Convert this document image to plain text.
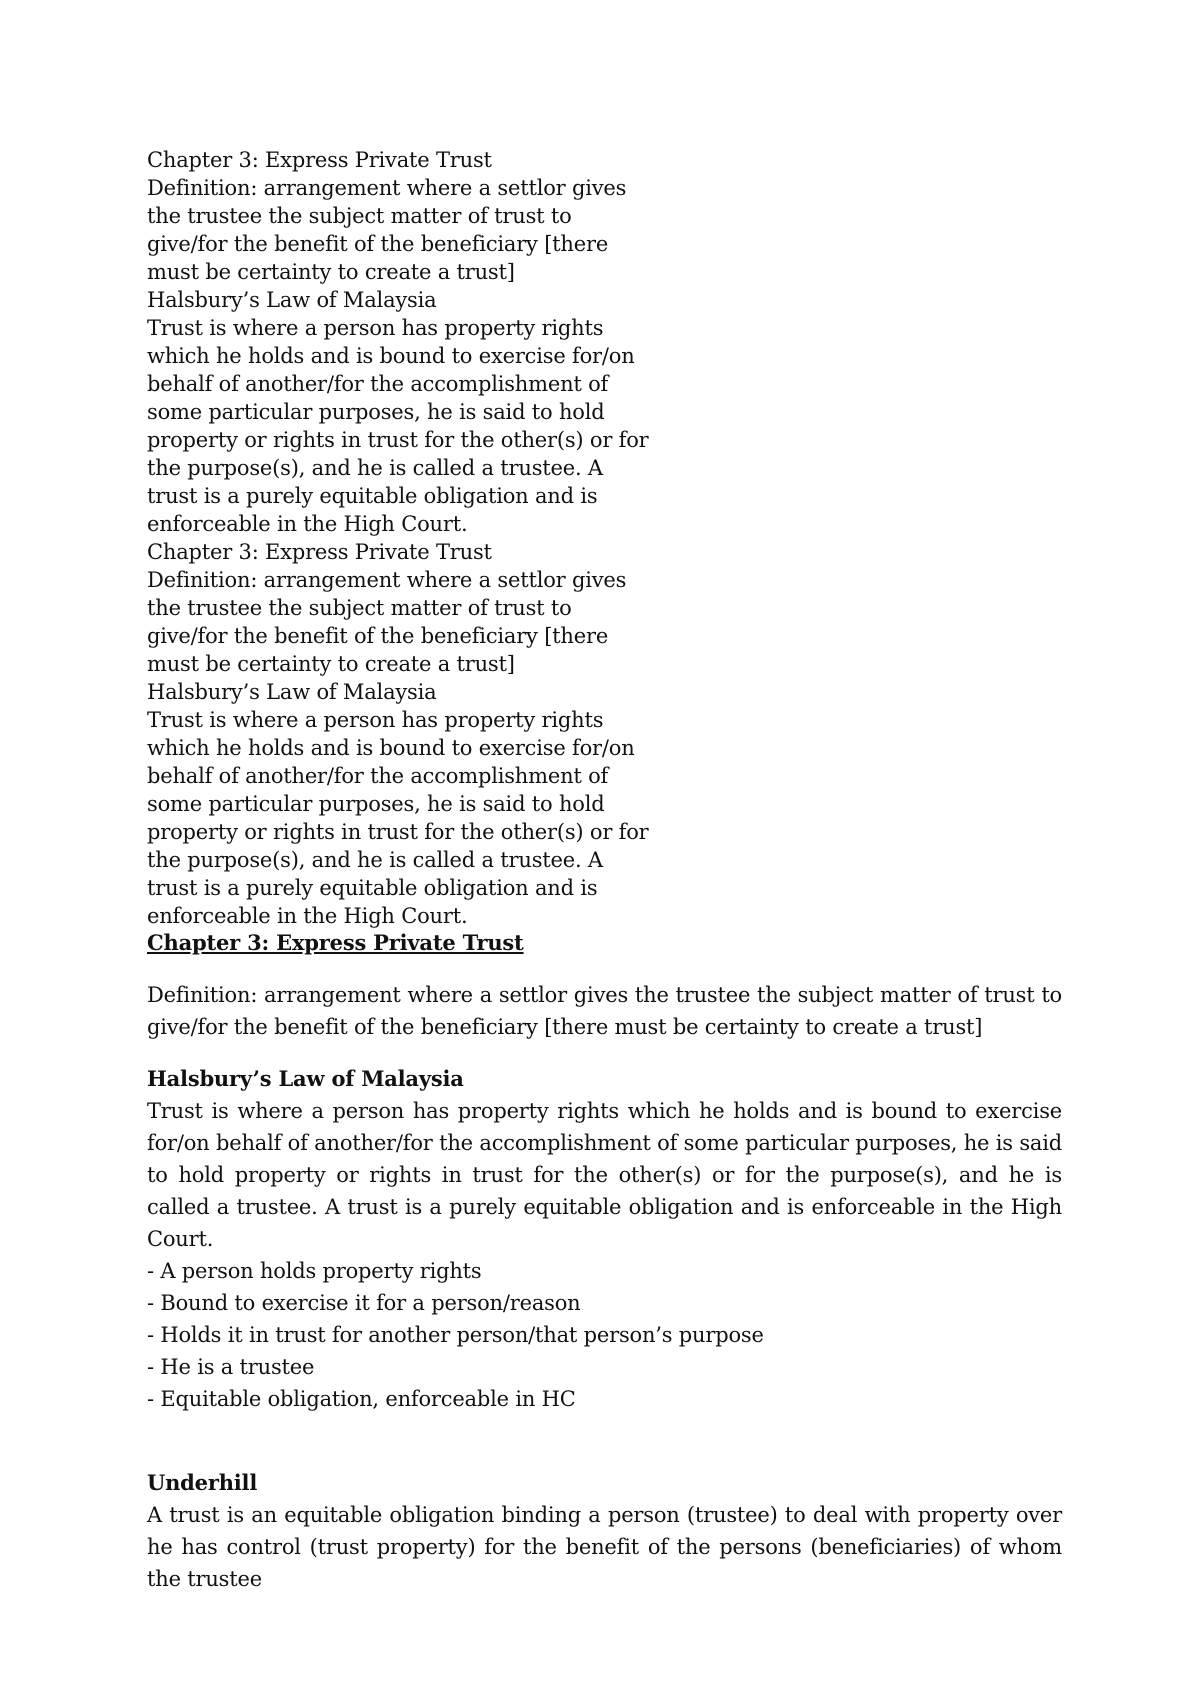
Chapter 3: Express Private Trust
Definition: arrangement where a settlor gives
the trustee the subject matter of trust to
give/for the benefit of the beneficiary [there
must be certainty to create a trust]
Halsbury’s Law of Malaysia
Trust is where a person has property rights
which he holds and is bound to exercise for/on
behalf of another/for the accomplishment of
some particular purposes, he is said to hold
property or rights in trust for the other(s) or for
the purpose(s), and he is called a trustee. A
trust is a purely equitable obligation and is
enforceable in the High Court.
Chapter 3: Express Private Trust
Definition: arrangement where a settlor gives
the trustee the subject matter of trust to
give/for the benefit of the beneficiary [there
must be certainty to create a trust]
Halsbury’s Law of Malaysia
Trust is where a person has property rights
which he holds and is bound to exercise for/on
behalf of another/for the accomplishment of
some particular purposes, he is said to hold
property or rights in trust for the other(s) or for
the purpose(s), and he is called a trustee. A
trust is a purely equitable obligation and is
enforceable in the High Court.
Chapter 3: Express Private Trust

Definition: arrangement where a settlor gives the trustee the subject matter of trust to give/for the benefit of the beneficiary [there must be certainty to create a trust]

Halsbury’s Law of Malaysia

Trust is where a person has property rights which he holds and is bound to exercise for/on behalf of another/for the accomplishment of some particular purposes, he is said to hold property or rights in trust for the other(s) or for the purpose(s), and he is called a trustee. A trust is a purely equitable obligation and is enforceable in the High Court.

- A person holds property rights
- Bound to exercise it for a person/reason
- Holds it in trust for another person/that person’s purpose
- He is a trustee
- Equitable obligation, enforceable in HC
Underhill

A trust is an equitable obligation binding a person (trustee) to deal with property over he has control (trust property) for the benefit of the persons (beneficiaries) of whom the trustee
